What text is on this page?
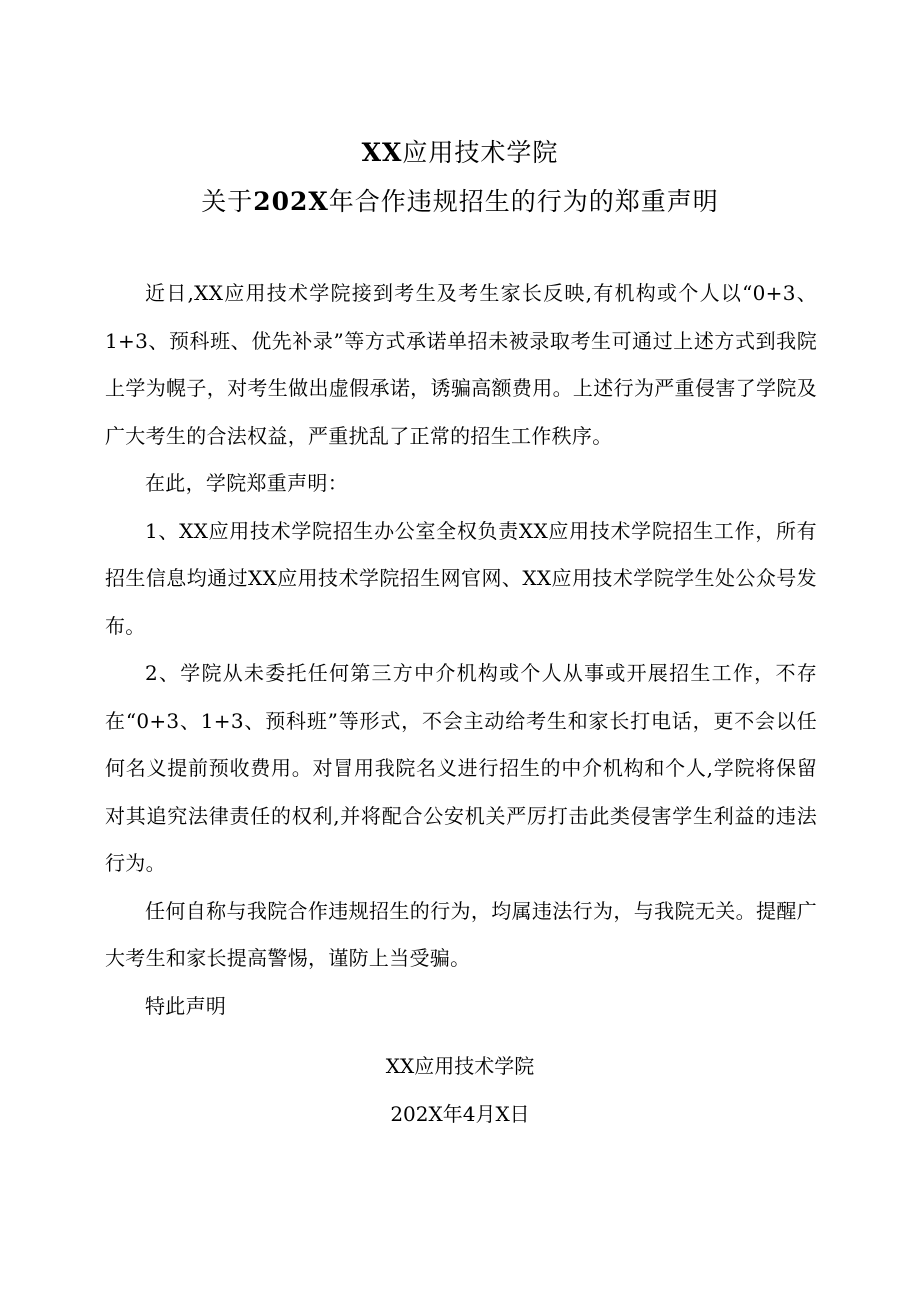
XX应用技术学院
关于202X年合作违规招生的行为的郑重声明

近日,XX应用技术学院接到考生及考生家长反映,有机构或个人以“0+3、1+3、预科班、优先补录”等方式承诺单招未被录取考生可通过上述方式到我院上学为幌子，对考生做出虚假承诺，诱骗高额费用。上述行为严重侵害了学院及广大考生的合法权益，严重扰乱了正常的招生工作秩序。

在此，学院郑重声明：

1、XX应用技术学院招生办公室全权负责XX应用技术学院招生工作，所有招生信息均通过XX应用技术学院招生网官网、XX应用技术学院学生处公众号发布。

2、学院从未委托任何第三方中介机构或个人从事或开展招生工作，不存在“0+3、1+3、预科班”等形式，不会主动给考生和家长打电话，更不会以任何名义提前预收费用。对冒用我院名义进行招生的中介机构和个人,学院将保留对其追究法律责任的权利,并将配合公安机关严厉打击此类侵害学生利益的违法行为。

任何自称与我院合作违规招生的行为，均属违法行为，与我院无关。提醒广大考生和家长提高警惕，谨防上当受骗。

特此声明

XX应用技术学院

202X年4月X日
